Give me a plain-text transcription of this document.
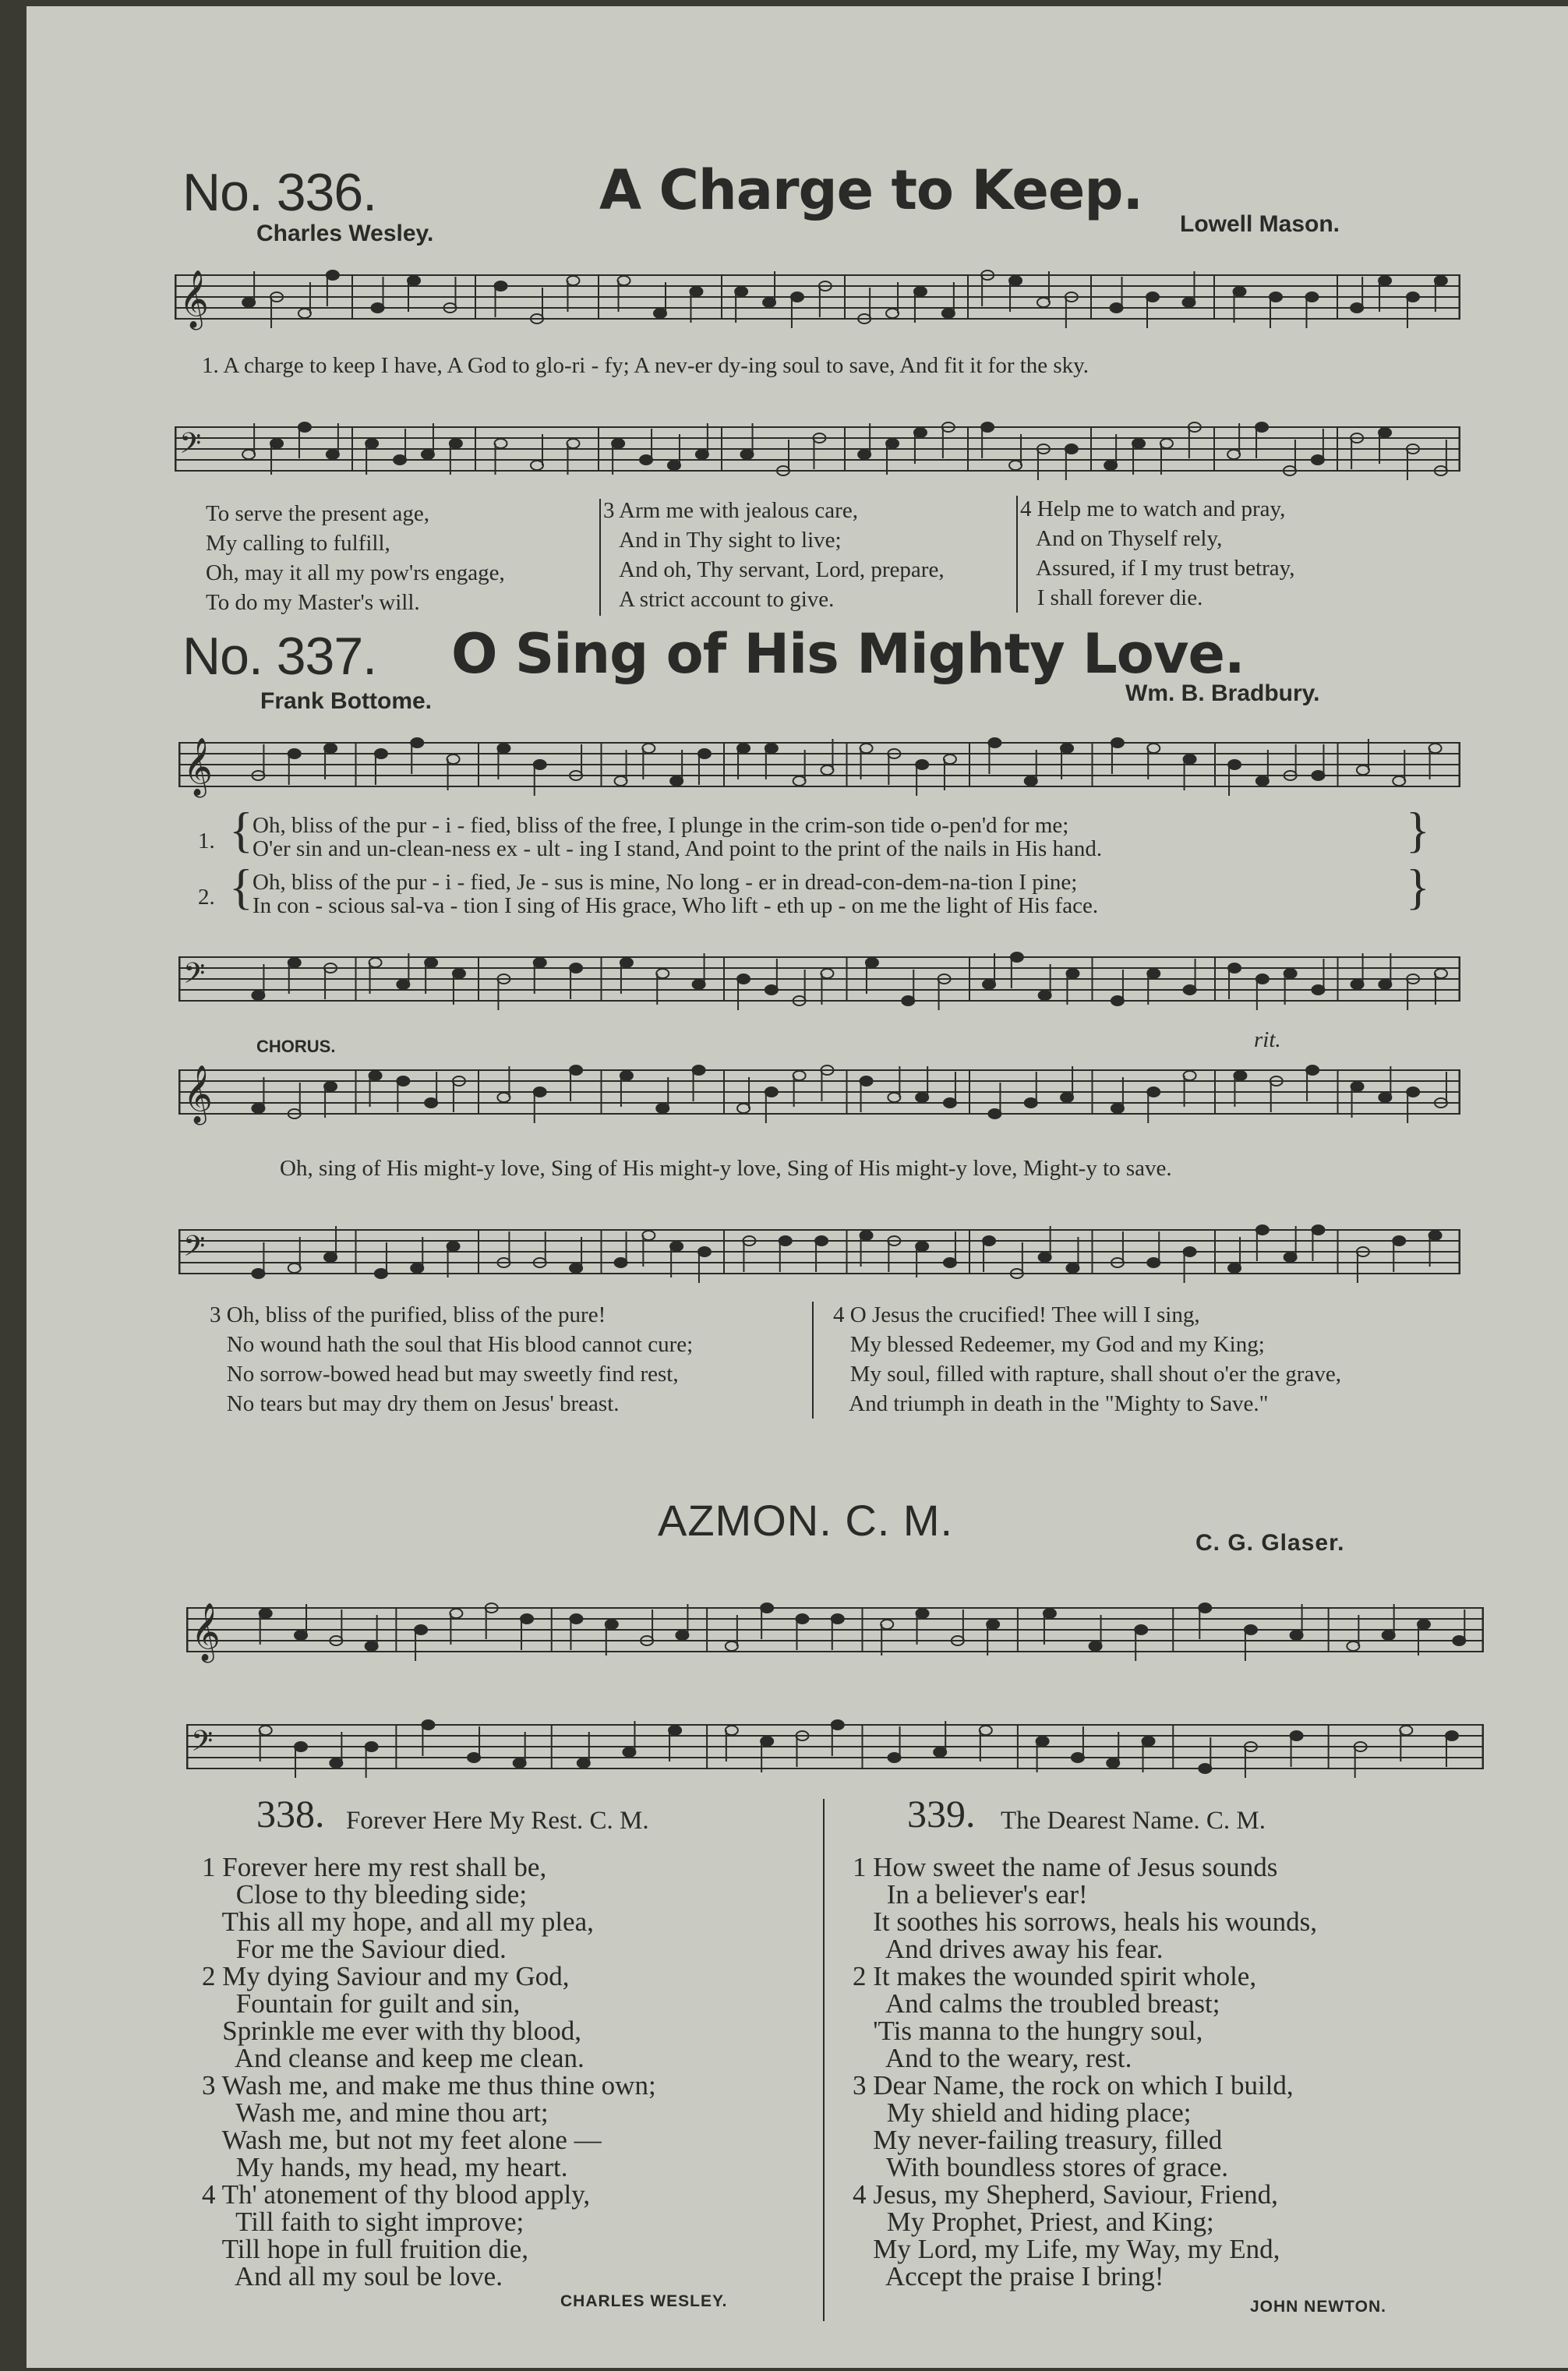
No. 336.	A Charge to Keep.
Charles Wesley.	Lowell Mason.
𝄞
1. A charge to keep I have, A God to glo-ri - fy; A nev-er dy-ing soul to save, And fit it for the sky.
𝄢
To serve the present age,
My calling to fulfill,
Oh, may it all my pow'rs engage,
To do my Master's will.
3 Arm me with jealous care,
And in Thy sight to live;
And oh, Thy servant, Lord, prepare,
A strict account to give.
4 Help me to watch and pray,
And on Thyself rely,
Assured, if I my trust betray,
I shall forever die.
No. 337. O Sing of His Mighty Love.
Frank Bottome.	Wm. B. Bradbury.
𝄞
1. { Oh, bliss of the pur - i - fied, bliss of the free, I plunge in the crim-son tide o-pen'd for me;
O'er sin and un-clean-ness ex - ult - ing I stand, And point to the print of the nails in His hand.	}
2. { Oh, bliss of the pur - i - fied, Je - sus is mine, No long - er in dread-con-dem-na-tion I pine;
In con - scious sal-va - tion I sing of His grace, Who lift - eth up - on me the light of His face.	}
𝄢
CHORUS.	rit.
𝄞
Oh, sing of His might-y love, Sing of His might-y love, Sing of His might-y love, Might-y to save.
𝄢
3 Oh, bliss of the purified, bliss of the pure!
No wound hath the soul that His blood cannot cure;
No sorrow-bowed head but may sweetly find rest,
No tears but may dry them on Jesus' breast.
4 O Jesus the crucified! Thee will I sing,
My blessed Redeemer, my God and my King;
My soul, filled with rapture, shall shout o'er the grave,
And triumph in death in the "Mighty to Save."
AZMON. C. M.	C. G. Glaser.
𝄞
𝄢
338. Forever Here My Rest. C. M.
1 Forever here my rest shall be,
Close to thy bleeding side;
This all my hope, and all my plea,
For me the Saviour died.
2 My dying Saviour and my God,
Fountain for guilt and sin,
Sprinkle me ever with thy blood,
And cleanse and keep me clean.
3 Wash me, and make me thus thine own;
Wash me, and mine thou art;
Wash me, but not my feet alone —
My hands, my head, my heart.
4 Th' atonement of thy blood apply,
Till faith to sight improve;
Till hope in full fruition die,
And all my soul be love.
CHARLES WESLEY.
339. The Dearest Name. C. M.
1 How sweet the name of Jesus sounds
In a believer's ear!
It soothes his sorrows, heals his wounds,
And drives away his fear.
2 It makes the wounded spirit whole,
And calms the troubled breast;
'Tis manna to the hungry soul,
And to the weary, rest.
3 Dear Name, the rock on which I build,
My shield and hiding place;
My never-failing treasury, filled
With boundless stores of grace.
4 Jesus, my Shepherd, Saviour, Friend,
My Prophet, Priest, and King;
My Lord, my Life, my Way, my End,
Accept the praise I bring!
JOHN NEWTON.
